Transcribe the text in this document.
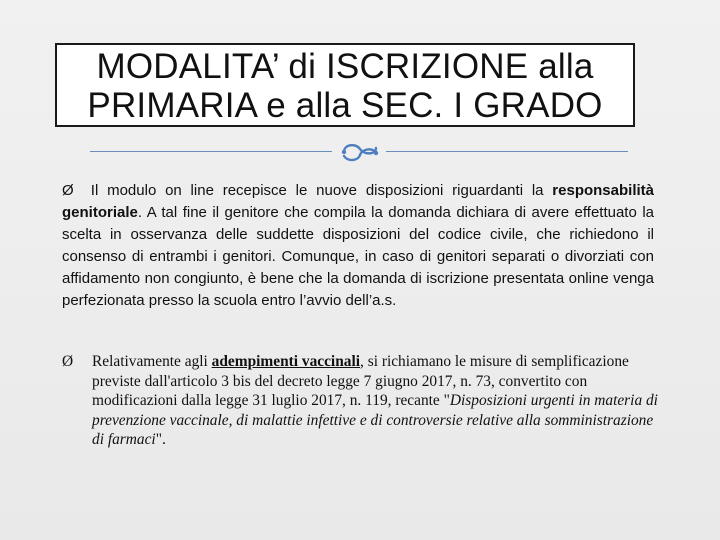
MODALITA’ di ISCRIZIONE alla
PRIMARIA e alla SEC. I GRADO
Ø Il modulo on line recepisce le nuove disposizioni riguardanti la responsabilità genitoriale. A tal fine il genitore che compila la domanda dichiara di avere effettuato la scelta in osservanza delle suddette disposizioni del codice civile, che richiedono il consenso di entrambi i genitori. Comunque, in caso di genitori separati o divorziati con affidamento non congiunto, è bene che la domanda di iscrizione presentata online venga perfezionata presso la scuola entro l’avvio dell’a.s.
Ø	Relativamente agli adempimenti vaccinali, si richiamano le misure di semplificazione previste dall'articolo 3 bis del decreto legge 7 giugno 2017, n. 73, convertito con modificazioni dalla legge 31 luglio 2017, n. 119, recante "Disposizioni urgenti in materia di prevenzione vaccinale, di malattie infettive e di controversie relative alla somministrazione di farmaci".
